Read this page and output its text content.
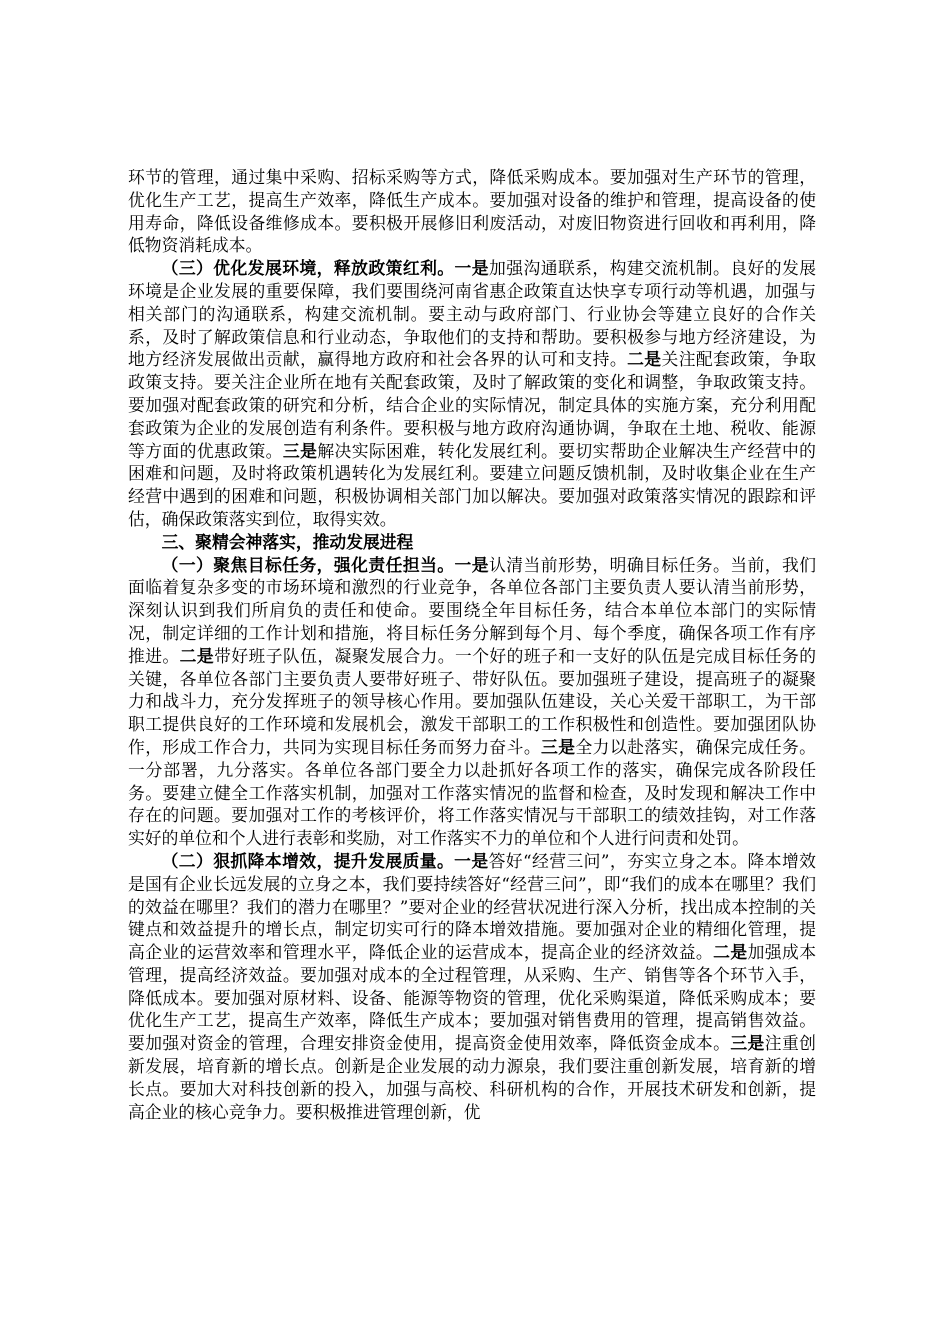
环节的管理，通过集中采购、招标采购等方式，降低采购成本。要加强对生产环节的管理，优化生产工艺，提高生产效率，降低生产成本。要加强对设备的维护和管理，提高设备的使用寿命，降低设备维修成本。要积极开展修旧利废活动，对废旧物资进行回收和再利用，降低物资消耗成本。

（三）优化发展环境，释放政策红利。一是加强沟通联系，构建交流机制。良好的发展环境是企业发展的重要保障，我们要围绕河南省惠企政策直达快享专项行动等机遇，加强与相关部门的沟通联系，构建交流机制。要主动与政府部门、行业协会等建立良好的合作关系，及时了解政策信息和行业动态，争取他们的支持和帮助。要积极参与地方经济建设，为地方经济发展做出贡献，赢得地方政府和社会各界的认可和支持。二是关注配套政策，争取政策支持。要关注企业所在地有关配套政策，及时了解政策的变化和调整，争取政策支持。要加强对配套政策的研究和分析，结合企业的实际情况，制定具体的实施方案，充分利用配套政策为企业的发展创造有利条件。要积极与地方政府沟通协调，争取在土地、税收、能源等方面的优惠政策。三是解决实际困难，转化发展红利。要切实帮助企业解决生产经营中的困难和问题，及时将政策机遇转化为发展红利。要建立问题反馈机制，及时收集企业在生产经营中遇到的困难和问题，积极协调相关部门加以解决。要加强对政策落实情况的跟踪和评估，确保政策落实到位，取得实效。

三、聚精会神落实，推动发展进程

（一）聚焦目标任务，强化责任担当。一是认清当前形势，明确目标任务。当前，我们面临着复杂多变的市场环境和激烈的行业竞争，各单位各部门主要负责人要认清当前形势，深刻认识到我们所肩负的责任和使命。要围绕全年目标任务，结合本单位本部门的实际情况，制定详细的工作计划和措施，将目标任务分解到每个月、每个季度，确保各项工作有序推进。二是带好班子队伍，凝聚发展合力。一个好的班子和一支好的队伍是完成目标任务的关键，各单位各部门主要负责人要带好班子、带好队伍。要加强班子建设，提高班子的凝聚力和战斗力，充分发挥班子的领导核心作用。要加强队伍建设，关心关爱干部职工，为干部职工提供良好的工作环境和发展机会，激发干部职工的工作积极性和创造性。要加强团队协作，形成工作合力，共同为实现目标任务而努力奋斗。三是全力以赴落实，确保完成任务。一分部署，九分落实。各单位各部门要全力以赴抓好各项工作的落实，确保完成各阶段任务。要建立健全工作落实机制，加强对工作落实情况的监督和检查，及时发现和解决工作中存在的问题。要加强对工作的考核评价，将工作落实情况与干部职工的绩效挂钩，对工作落实好的单位和个人进行表彰和奖励，对工作落实不力的单位和个人进行问责和处罚。

（二）狠抓降本增效，提升发展质量。一是答好“经营三问”，夯实立身之本。降本增效是国有企业长远发展的立身之本，我们要持续答好“经营三问”，即“我们的成本在哪里？我们的效益在哪里？我们的潜力在哪里？”要对企业的经营状况进行深入分析，找出成本控制的关键点和效益提升的增长点，制定切实可行的降本增效措施。要加强对企业的精细化管理，提高企业的运营效率和管理水平，降低企业的运营成本，提高企业的经济效益。二是加强成本管理，提高经济效益。要加强对成本的全过程管理，从采购、生产、销售等各个环节入手，降低成本。要加强对原材料、设备、能源等物资的管理，优化采购渠道，降低采购成本；要优化生产工艺，提高生产效率，降低生产成本；要加强对销售费用的管理，提高销售效益。要加强对资金的管理，合理安排资金使用，提高资金使用效率，降低资金成本。三是注重创新发展，培育新的增长点。创新是企业发展的动力源泉，我们要注重创新发展，培育新的增长点。要加大对科技创新的投入，加强与高校、科研机构的合作，开展技术研发和创新，提高企业的核心竞争力。要积极推进管理创新，优
